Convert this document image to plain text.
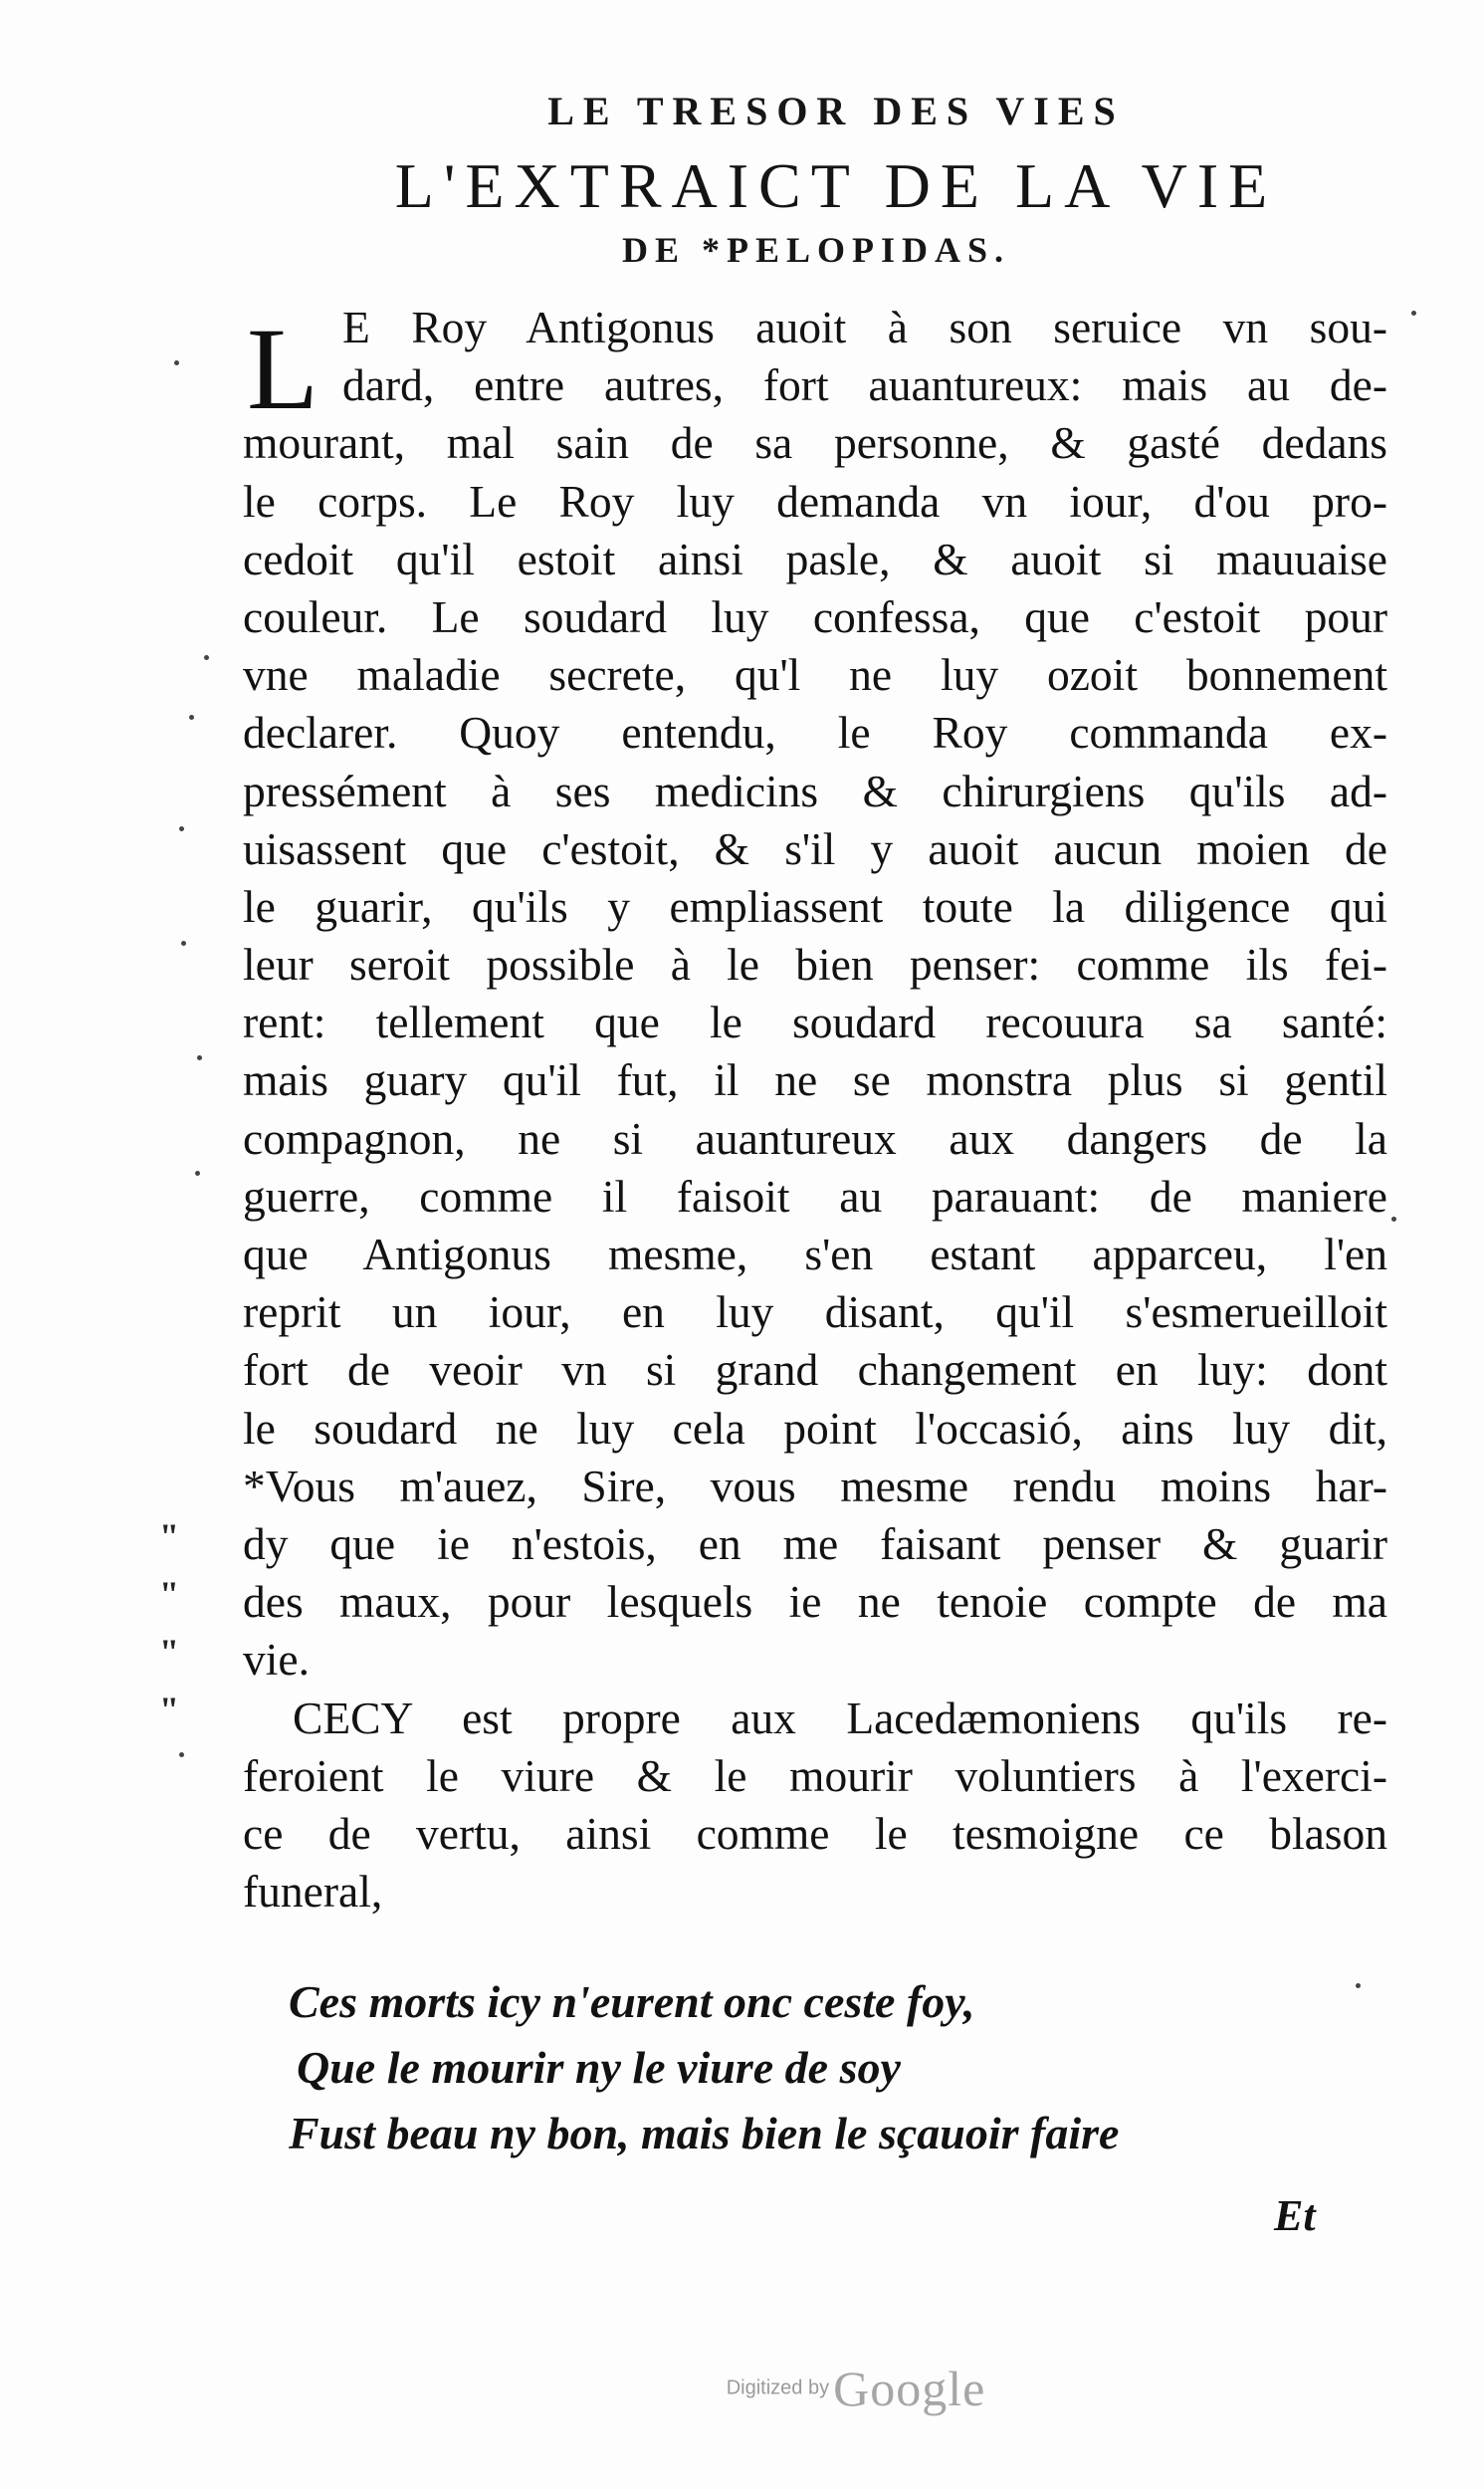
LE TRESOR DES VIES
L'EXTRAICT DE LA VIE
DE *PELOPIDAS.
L E Roy Antigonus auoit à son seruice vn sou-
dard, entre autres, fort auantureux: mais au de-
mourant, mal sain de sa personne, & gasté dedans
le corps. Le Roy luy demanda vn iour, d'ou pro-
cedoit qu'il estoit ainsi pasle, & auoit si mauuaise
couleur. Le soudard luy confessa, que c'estoit pour
vne maladie secrete, qu'l ne luy ozoit bonnement
declarer. Quoy entendu, le Roy commanda ex-
pressément à ses medicins & chirurgiens qu'ils ad-
uisassent que c'estoit, & s'il y auoit aucun moien de
le guarir, qu'ils y empliassent toute la diligence qui
leur seroit possible à le bien penser: comme ils fei-
rent: tellement que le soudard recouura sa santé:
mais guary qu'il fut, il ne se monstra plus si gentil
compagnon, ne si auantureux aux dangers de la
guerre, comme il faisoit au parauant: de maniere
que Antigonus mesme, s'en estant apparceu, l'en
reprit un iour, en luy disant, qu'il s'esmerueilloit
fort de veoir vn si grand changement en luy: dont
le soudard ne luy cela point l'occasió, ains luy dit,
*Vous m'auez, Sire, vous mesme rendu moins har-
dy que ie n'estois, en me faisant penser & guarir
des maux, pour lesquels ie ne tenoie compte de ma
vie.
CECY est propre aux Lacedæmoniens qu'ils re-
feroient le viure & le mourir voluntiers à l'exerci-
ce de vertu, ainsi comme le tesmoigne ce blason
funeral,
"
"
"
"
Ces morts icy n'eurent onc ceste foy,
Que le mourir ny le viure de soy
Fust beau ny bon, mais bien le sçauoir faire
Et
Digitized by Google
